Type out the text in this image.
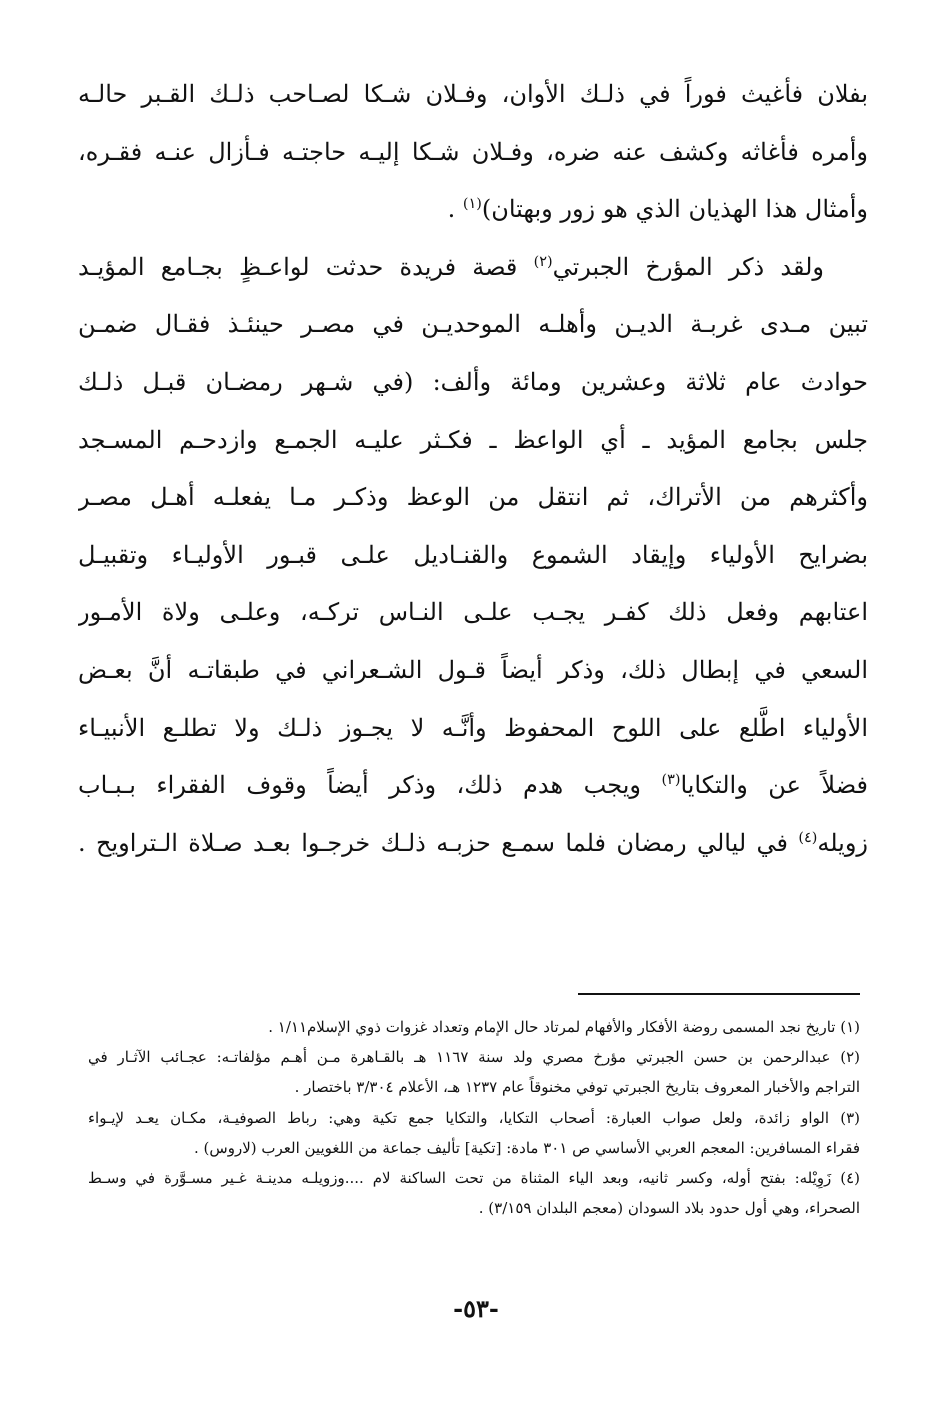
بفلان فأغيث فوراً في ذلـك الأوان، وفـلان شـكا لصـاحب ذلـك القـبر حالـه
وأمره فأغاثه وكشف عنه ضره، وفـلان شـكا إليـه حاجتـه فـأزال عنـه فقـره،
وأمثال هذا الهذيان الذي هو زور وبهتان)$^{(١)}$ .
ولقد ذكر المؤرخ الجبرتي$^{(٢)}$ قصة فريدة حدثت لواعـظٍ بجـامع المؤيـد
تبين مـدى غربـة الديـن وأهلـه الموحديـن في مصـر حينئـذ فقـال ضمـن
حوادث عام ثلاثة وعشرين ومائة وألف: (في شـهر رمضـان قبـل ذلـك
جلس بجامع المؤيد ـ أي الواعظ ـ فكـثر عليـه الجمـع وازدحـم المسـجد
وأكثرهم من الأتراك، ثم انتقل من الوعظ وذكـر مـا يفعلـه أهـل مصـر
بضرايح الأولياء وإيقاد الشموع والقنـاديل علـى قبـور الأوليـاء وتقبيـل
اعتابهم وفعل ذلك كفـر يجـب علـى النـاس تركـه، وعلـى ولاة الأمـور
السعي في إبطال ذلك، وذكر أيضاً قـول الشـعراني في طبقاتـه أنَّ بعـض
الأولياء اطَّلع على اللوح المحفوظ وأنَّـه لا يجـوز ذلـك ولا تطلـع الأنبيـاء
فضلاً عن والتكايا$^{(٣)}$ ويجب هدم ذلك، وذكر أيضاً وقوف الفقراء بـبـاب
زويله$^{(٤)}$ في ليالي رمضان فلما سمـع حزبـه ذلـك خرجـوا بعـد صـلاة الـتراويح .
(١) تاريخ نجد المسمى روضة الأفكار والأفهام لمرتاد حال الإمام وتعداد غزوات ذوي الإسلام١/١١ .
(٢) عبدالرحمن بن حسن الجبرتي مؤرخ مصري ولد سنة ١١٦٧ هـ بالقـاهرة مـن أهـم مؤلفاتـه: عجـائب الآثـار في
التراجم والأخبار المعروف بتاريخ الجبرتي توفي مخنوقاً عام ١٢٣٧ هـ، الأعلام ٣/٣٠٤ باختصار .
(٣) الواو زائدة، ولعل صواب العبارة: أصحاب التكايا، والتكايا جمع تكية وهي: رباط الصوفيـة، مكـان يعـد لإيـواء
فقراء المسافرين: المعجم العربي الأساسي ص ٣٠١ مادة: [تكية] تأليف جماعة من اللغويين العرب (لاروس) .
(٤) زَوِيْله: بفتح أوله، وكسر ثانيه، وبعد الياء المثناة من تحت الساكنة لام ....وزويلـه مدينـة غـير مسـوَّرة في وسـط
الصحراء، وهي أول حدود بلاد السودان (معجم البلدان ٣/١٥٩) .
-٥٣-
